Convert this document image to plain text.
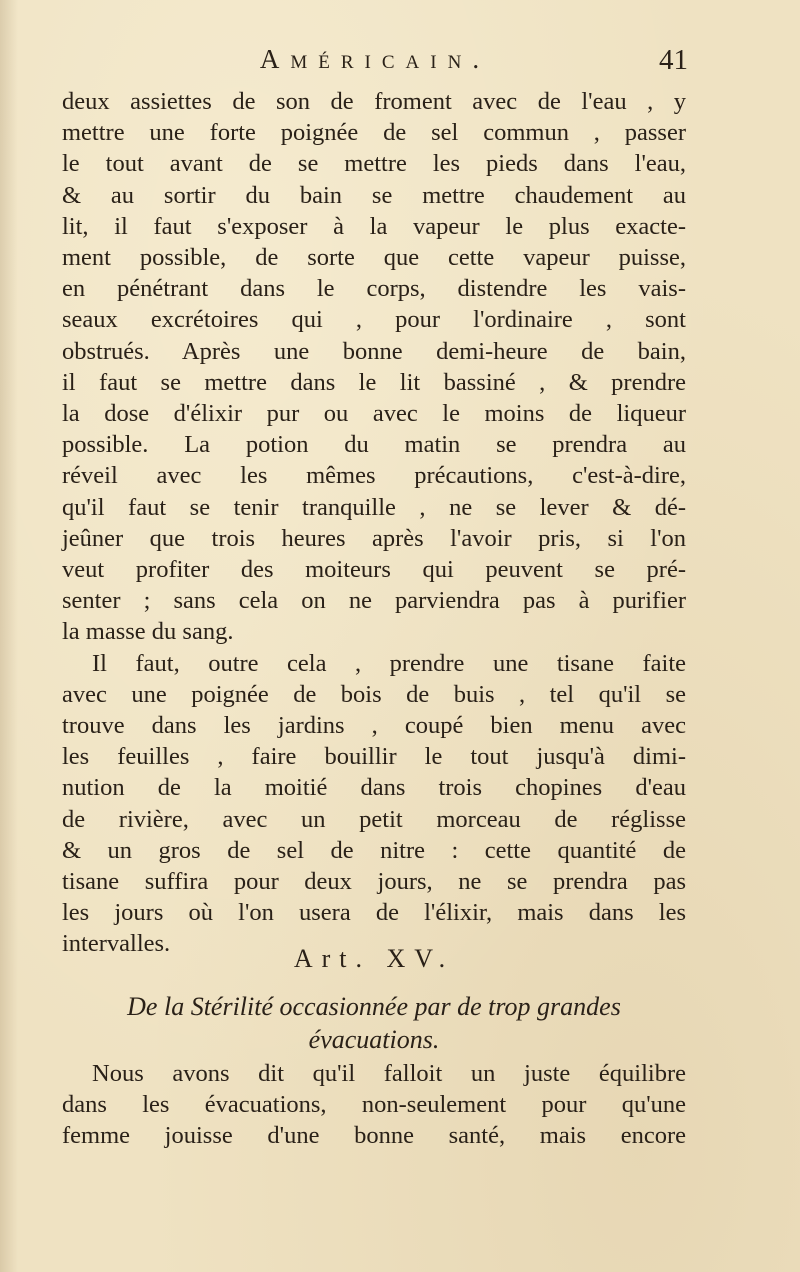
Américain.	41
deux assiettes de son de froment avec de l'eau , y
mettre une forte poignée de sel commun , passer
le tout avant de se mettre les pieds dans l'eau,
& au sortir du bain se mettre chaudement au
lit, il faut s'exposer à la vapeur le plus exacte-
ment possible, de sorte que cette vapeur puisse,
en pénétrant dans le corps, distendre les vais-
seaux excrétoires qui , pour l'ordinaire , sont
obstrués. Après une bonne demi-heure de bain,
il faut se mettre dans le lit bassiné , & prendre
la dose d'élixir pur ou avec le moins de liqueur
possible. La potion du matin se prendra au
réveil avec les mêmes précautions, c'est-à-dire,
qu'il faut se tenir tranquille , ne se lever & dé-
jeûner que trois heures après l'avoir pris, si l'on
veut profiter des moiteurs qui peuvent se pré-
senter ; sans cela on ne parviendra pas à purifier
la masse du sang.
Il faut, outre cela , prendre une tisane faite
avec une poignée de bois de buis , tel qu'il se
trouve dans les jardins , coupé bien menu avec
les feuilles , faire bouillir le tout jusqu'à dimi-
nution de la moitié dans trois chopines d'eau
de rivière, avec un petit morceau de réglisse
& un gros de sel de nitre : cette quantité de
tisane suffira pour deux jours, ne se prendra pas
les jours où l'on usera de l'élixir, mais dans les
intervalles.
Art. XV.
De la Stérilité occasionnée par de trop grandes
évacuations.
Nous avons dit qu'il falloit un juste équilibre
dans les évacuations, non-seulement pour qu'une
femme jouisse d'une bonne santé, mais encore
